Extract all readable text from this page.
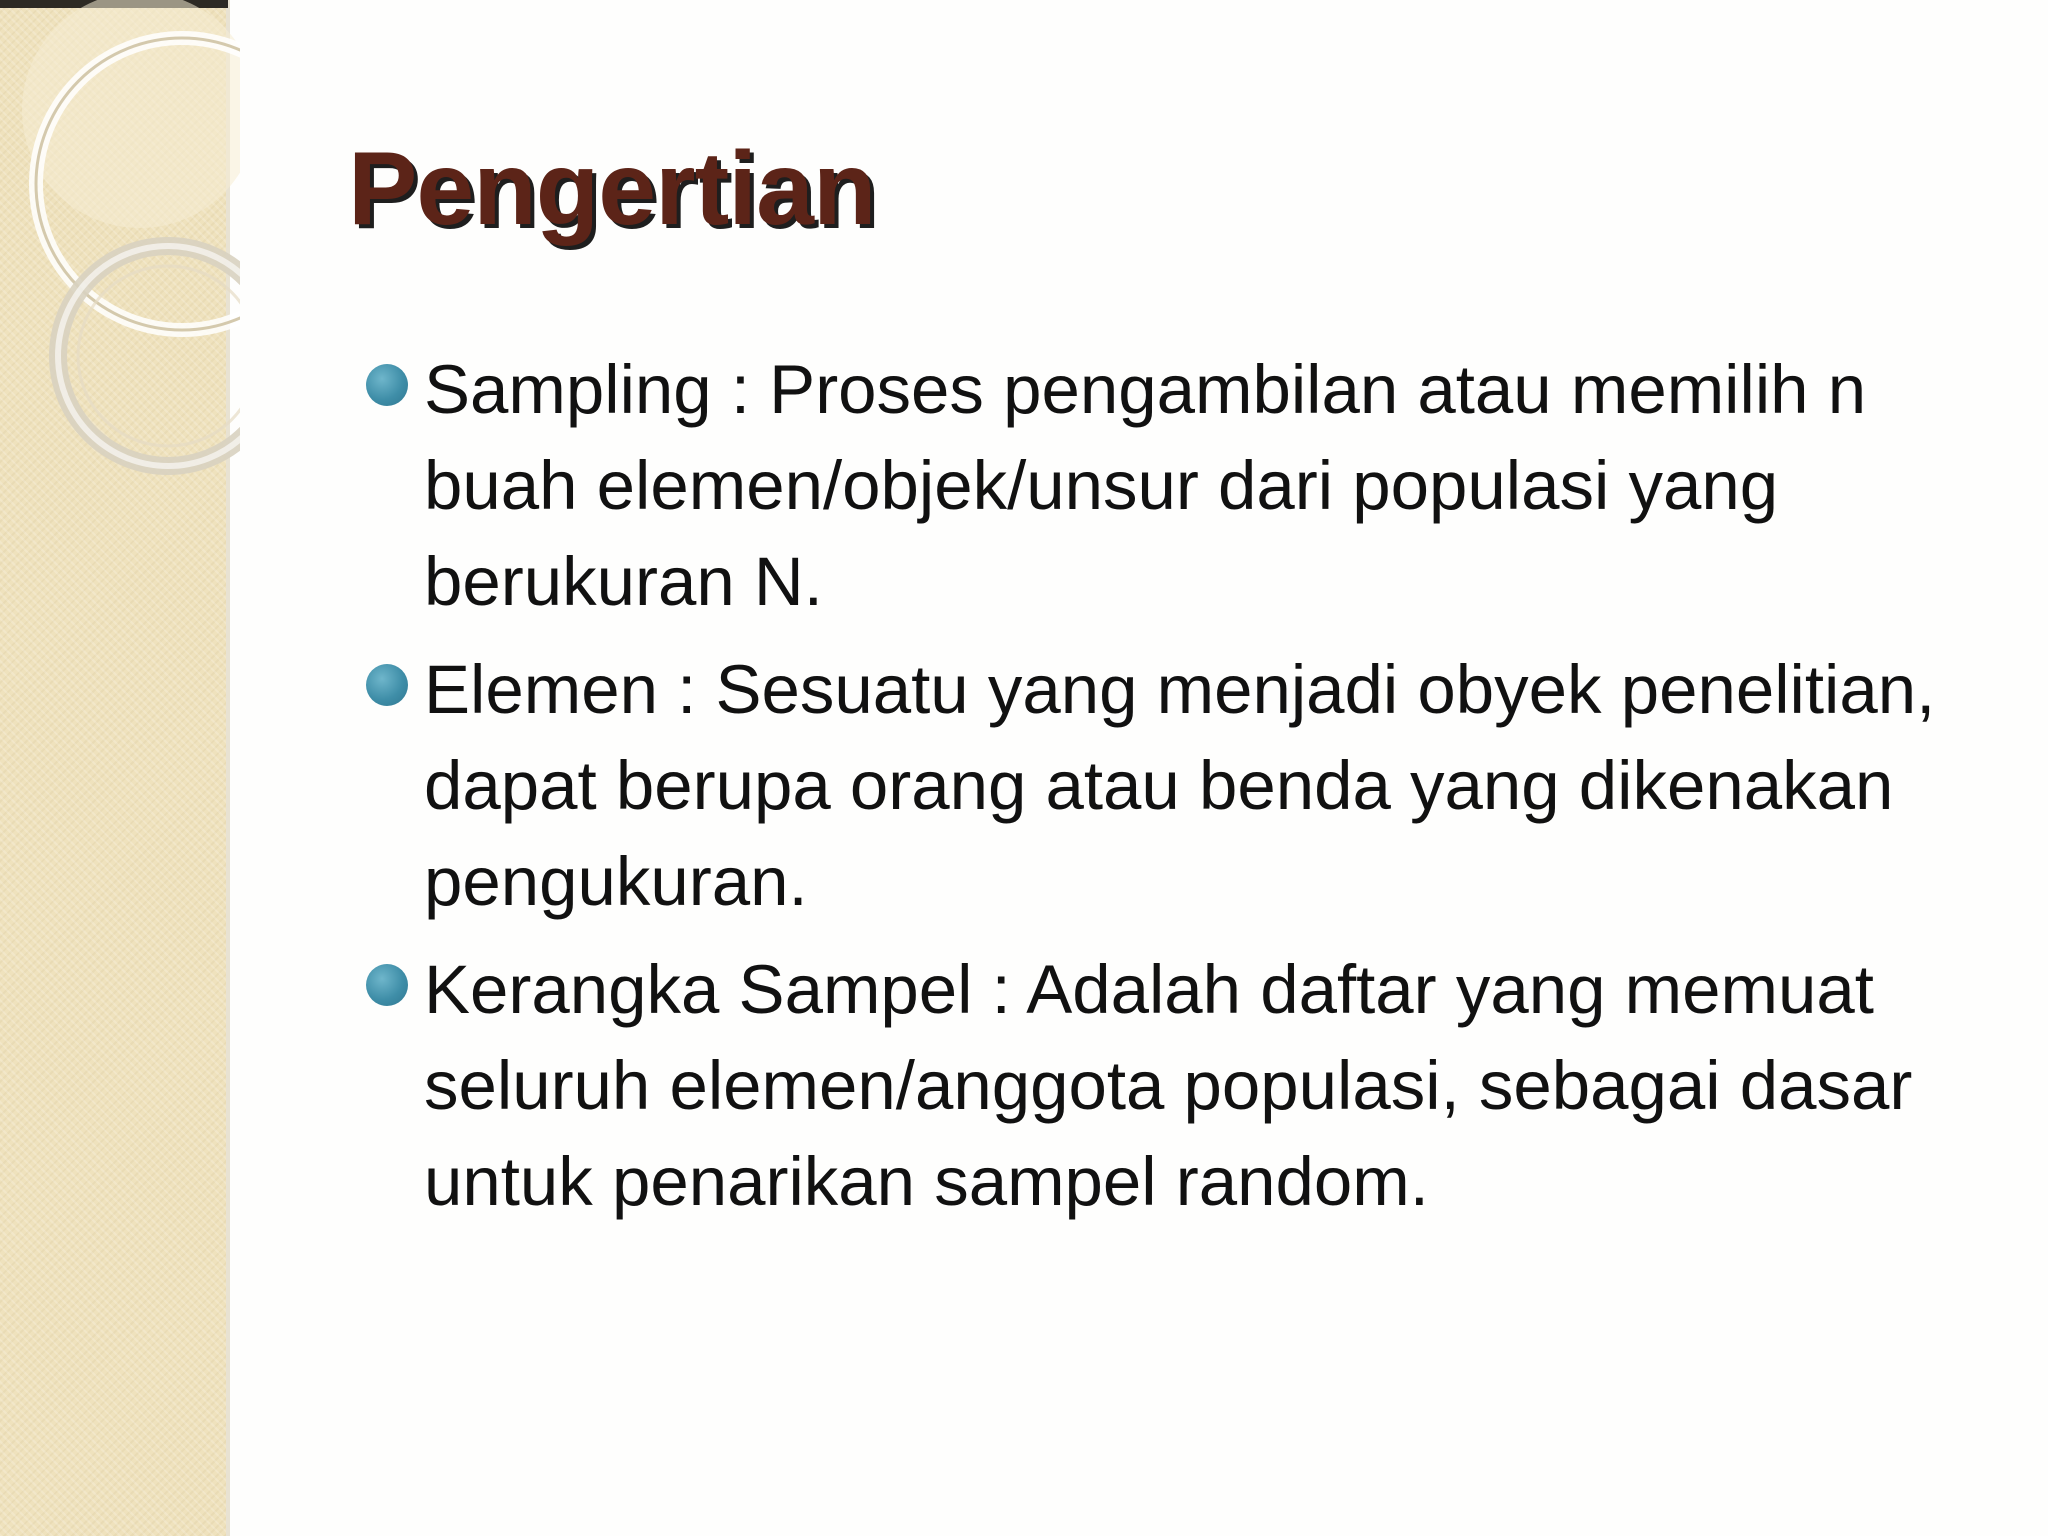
Pengertian
Sampling : Proses pengambilan atau memilih n buah elemen/objek/unsur dari populasi yang berukuran N.
Elemen : Sesuatu yang menjadi obyek penelitian, dapat berupa orang atau benda yang dikenakan pengukuran.
Kerangka Sampel : Adalah daftar yang memuat seluruh elemen/anggota populasi, sebagai dasar untuk penarikan sampel random.
